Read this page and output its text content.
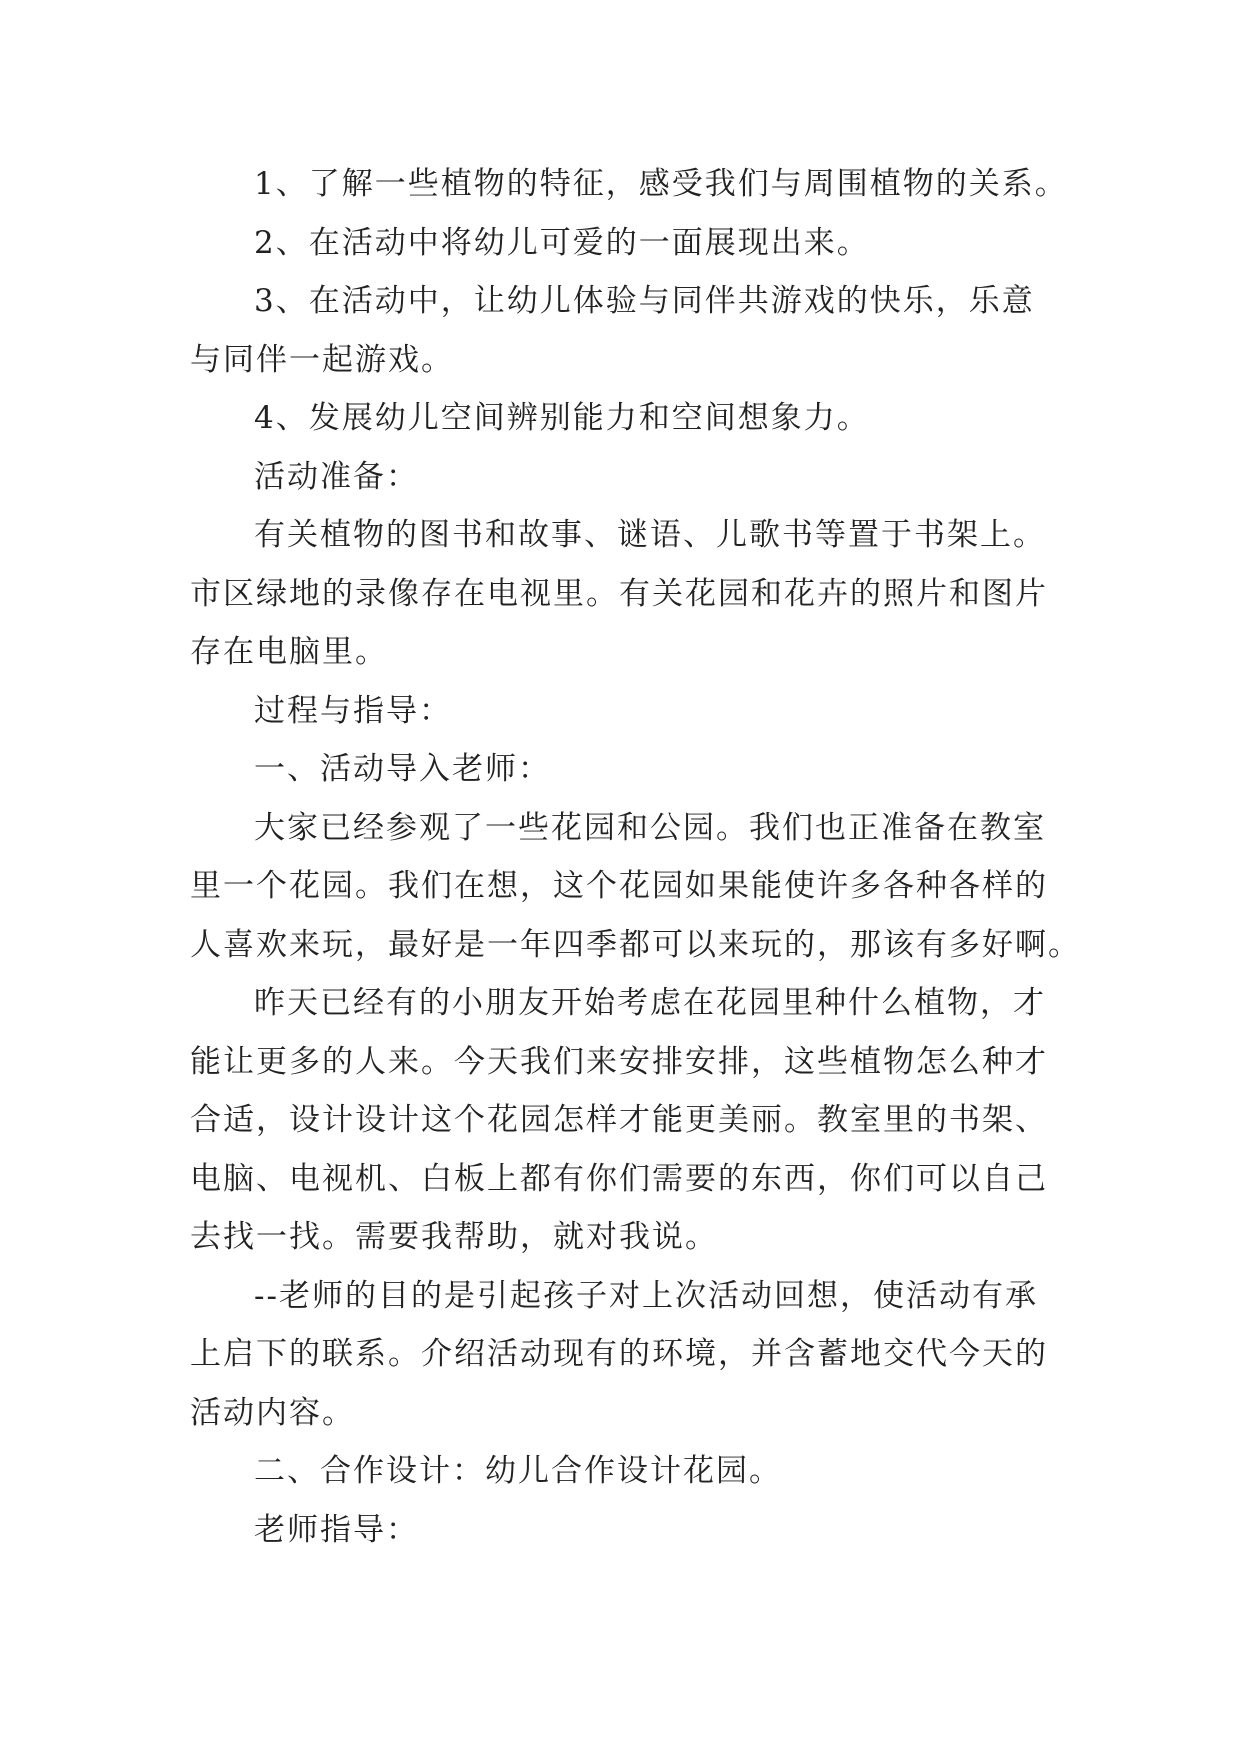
1、了解一些植物的特征，感受我们与周围植物的关系。
2、在活动中将幼儿可爱的一面展现出来。
3、在活动中，让幼儿体验与同伴共游戏的快乐，乐意
与同伴一起游戏。
4、发展幼儿空间辨别能力和空间想象力。
活动准备：
有关植物的图书和故事、谜语、儿歌书等置于书架上。
市区绿地的录像存在电视里。有关花园和花卉的照片和图片
存在电脑里。
过程与指导：
一、活动导入老师：
大家已经参观了一些花园和公园。我们也正准备在教室
里一个花园。我们在想，这个花园如果能使许多各种各样的
人喜欢来玩，最好是一年四季都可以来玩的，那该有多好啊。
昨天已经有的小朋友开始考虑在花园里种什么植物，才
能让更多的人来。今天我们来安排安排，这些植物怎么种才
合适，设计设计这个花园怎样才能更美丽。教室里的书架、
电脑、电视机、白板上都有你们需要的东西，你们可以自己
去找一找。需要我帮助，就对我说。
--老师的目的是引起孩子对上次活动回想，使活动有承
上启下的联系。介绍活动现有的环境，并含蓄地交代今天的
活动内容。
二、合作设计：幼儿合作设计花园。
老师指导：
